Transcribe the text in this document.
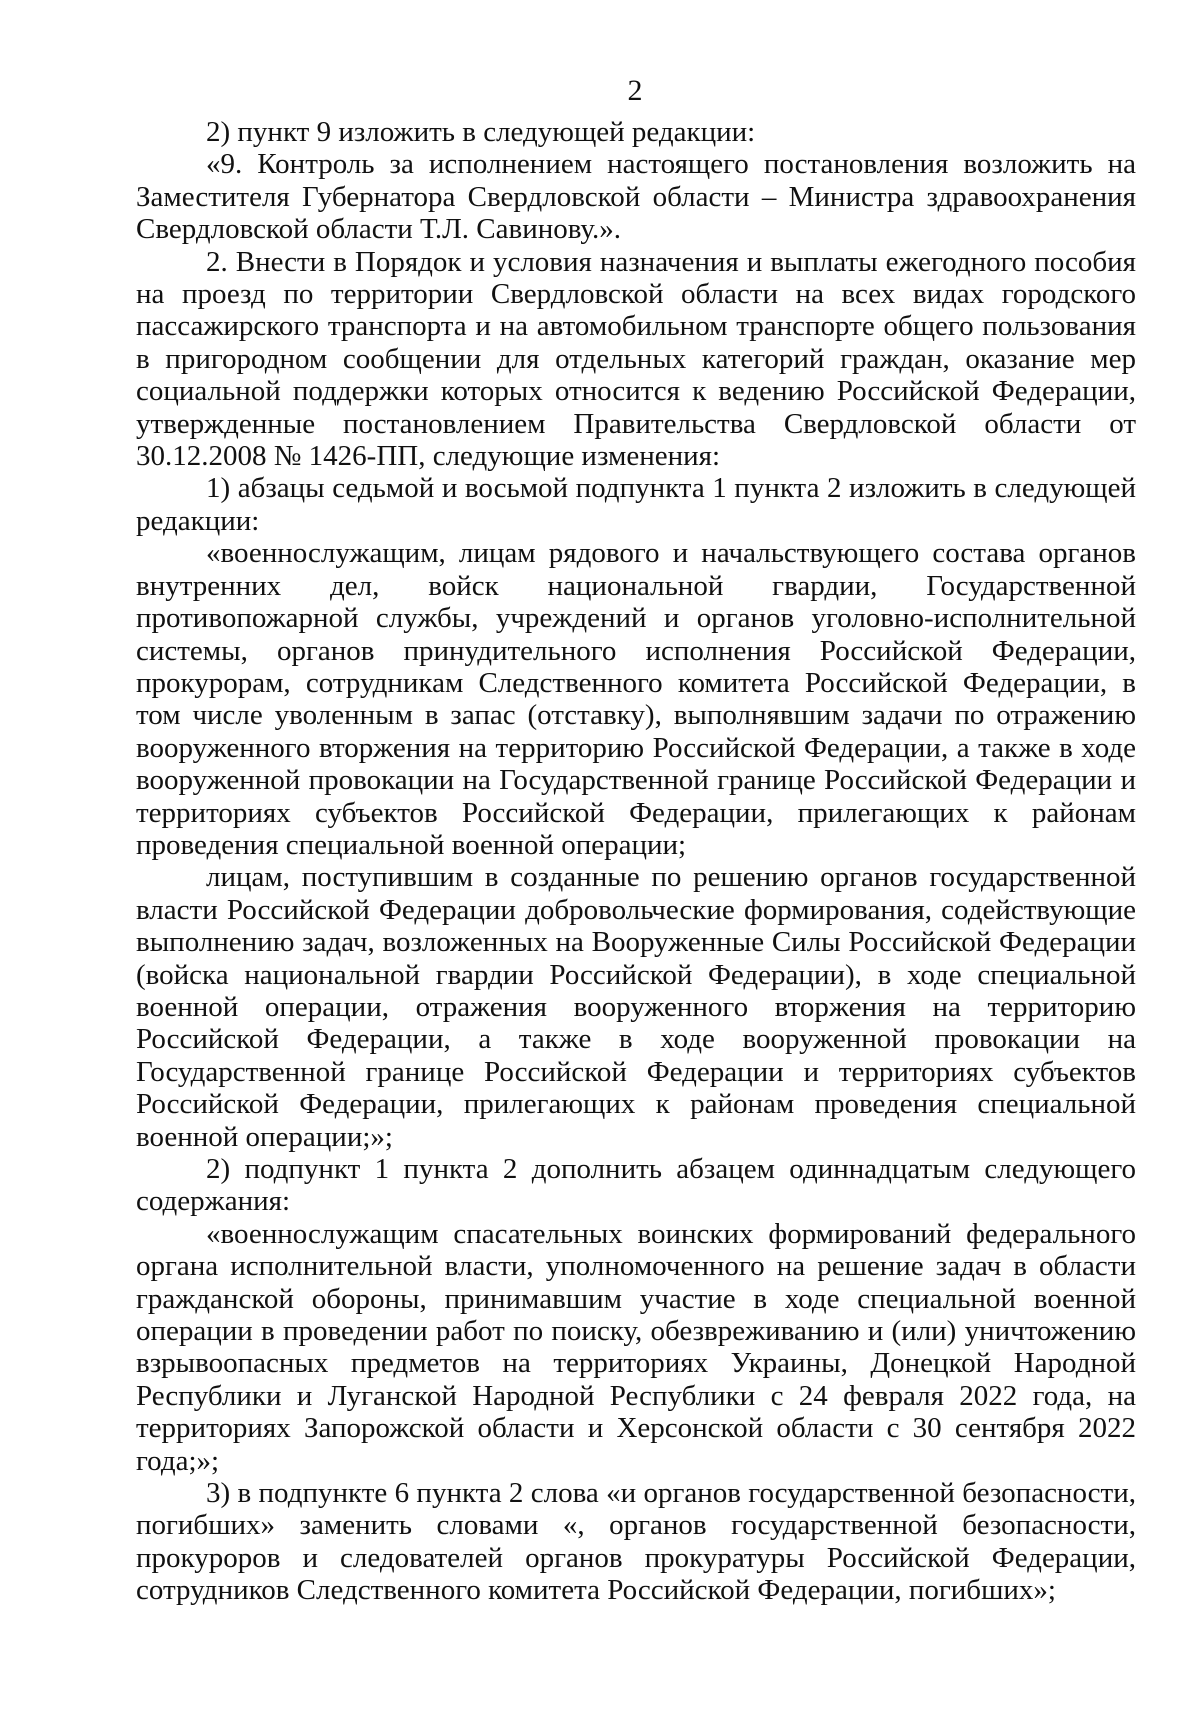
2

2) пункт 9 изложить в следующей редакции:

«9. Контроль за исполнением настоящего постановления возложить на Заместителя Губернатора Свердловской области – Министра здравоохранения Свердловской области Т.Л. Савинову.».

2. Внести в Порядок и условия назначения и выплаты ежегодного пособия на проезд по территории Свердловской области на всех видах городского пассажирского транспорта и на автомобильном транспорте общего пользования в пригородном сообщении для отдельных категорий граждан, оказание мер социальной поддержки которых относится к ведению Российской Федерации, утвержденные постановлением Правительства Свердловской области от 30.12.2008 № 1426-ПП, следующие изменения:

1) абзацы седьмой и восьмой подпункта 1 пункта 2 изложить в следующей редакции:

«военнослужащим, лицам рядового и начальствующего состава органов внутренних дел, войск национальной гвардии, Государственной противопожарной службы, учреждений и органов уголовно-исполнительной системы, органов принудительного исполнения Российской Федерации, прокурорам, сотрудникам Следственного комитета Российской Федерации, в том числе уволенным в запас (отставку), выполнявшим задачи по отражению вооруженного вторжения на территорию Российской Федерации, а также в ходе вооруженной провокации на Государственной границе Российской Федерации и территориях субъектов Российской Федерации, прилегающих к районам проведения специальной военной операции;

лицам, поступившим в созданные по решению органов государственной власти Российской Федерации добровольческие формирования, содействующие выполнению задач, возложенных на Вооруженные Силы Российской Федерации (войска национальной гвардии Российской Федерации), в ходе специальной военной операции, отражения вооруженного вторжения на территорию Российской Федерации, а также в ходе вооруженной провокации на Государственной границе Российской Федерации и территориях субъектов Российской Федерации, прилегающих к районам проведения специальной военной операции;»;

2) подпункт 1 пункта 2 дополнить абзацем одиннадцатым следующего содержания:

«военнослужащим спасательных воинских формирований федерального органа исполнительной власти, уполномоченного на решение задач в области гражданской обороны, принимавшим участие в ходе специальной военной операции в проведении работ по поиску, обезвреживанию и (или) уничтожению взрывоопасных предметов на территориях Украины, Донецкой Народной Республики и Луганской Народной Республики с 24 февраля 2022 года, на территориях Запорожской области и Херсонской области с 30 сентября 2022 года;»;

3) в подпункте 6 пункта 2 слова «и органов государственной безопасности, погибших» заменить словами «, органов государственной безопасности, прокуроров и следователей органов прокуратуры Российской Федерации, сотрудников Следственного комитета Российской Федерации, погибших»;
